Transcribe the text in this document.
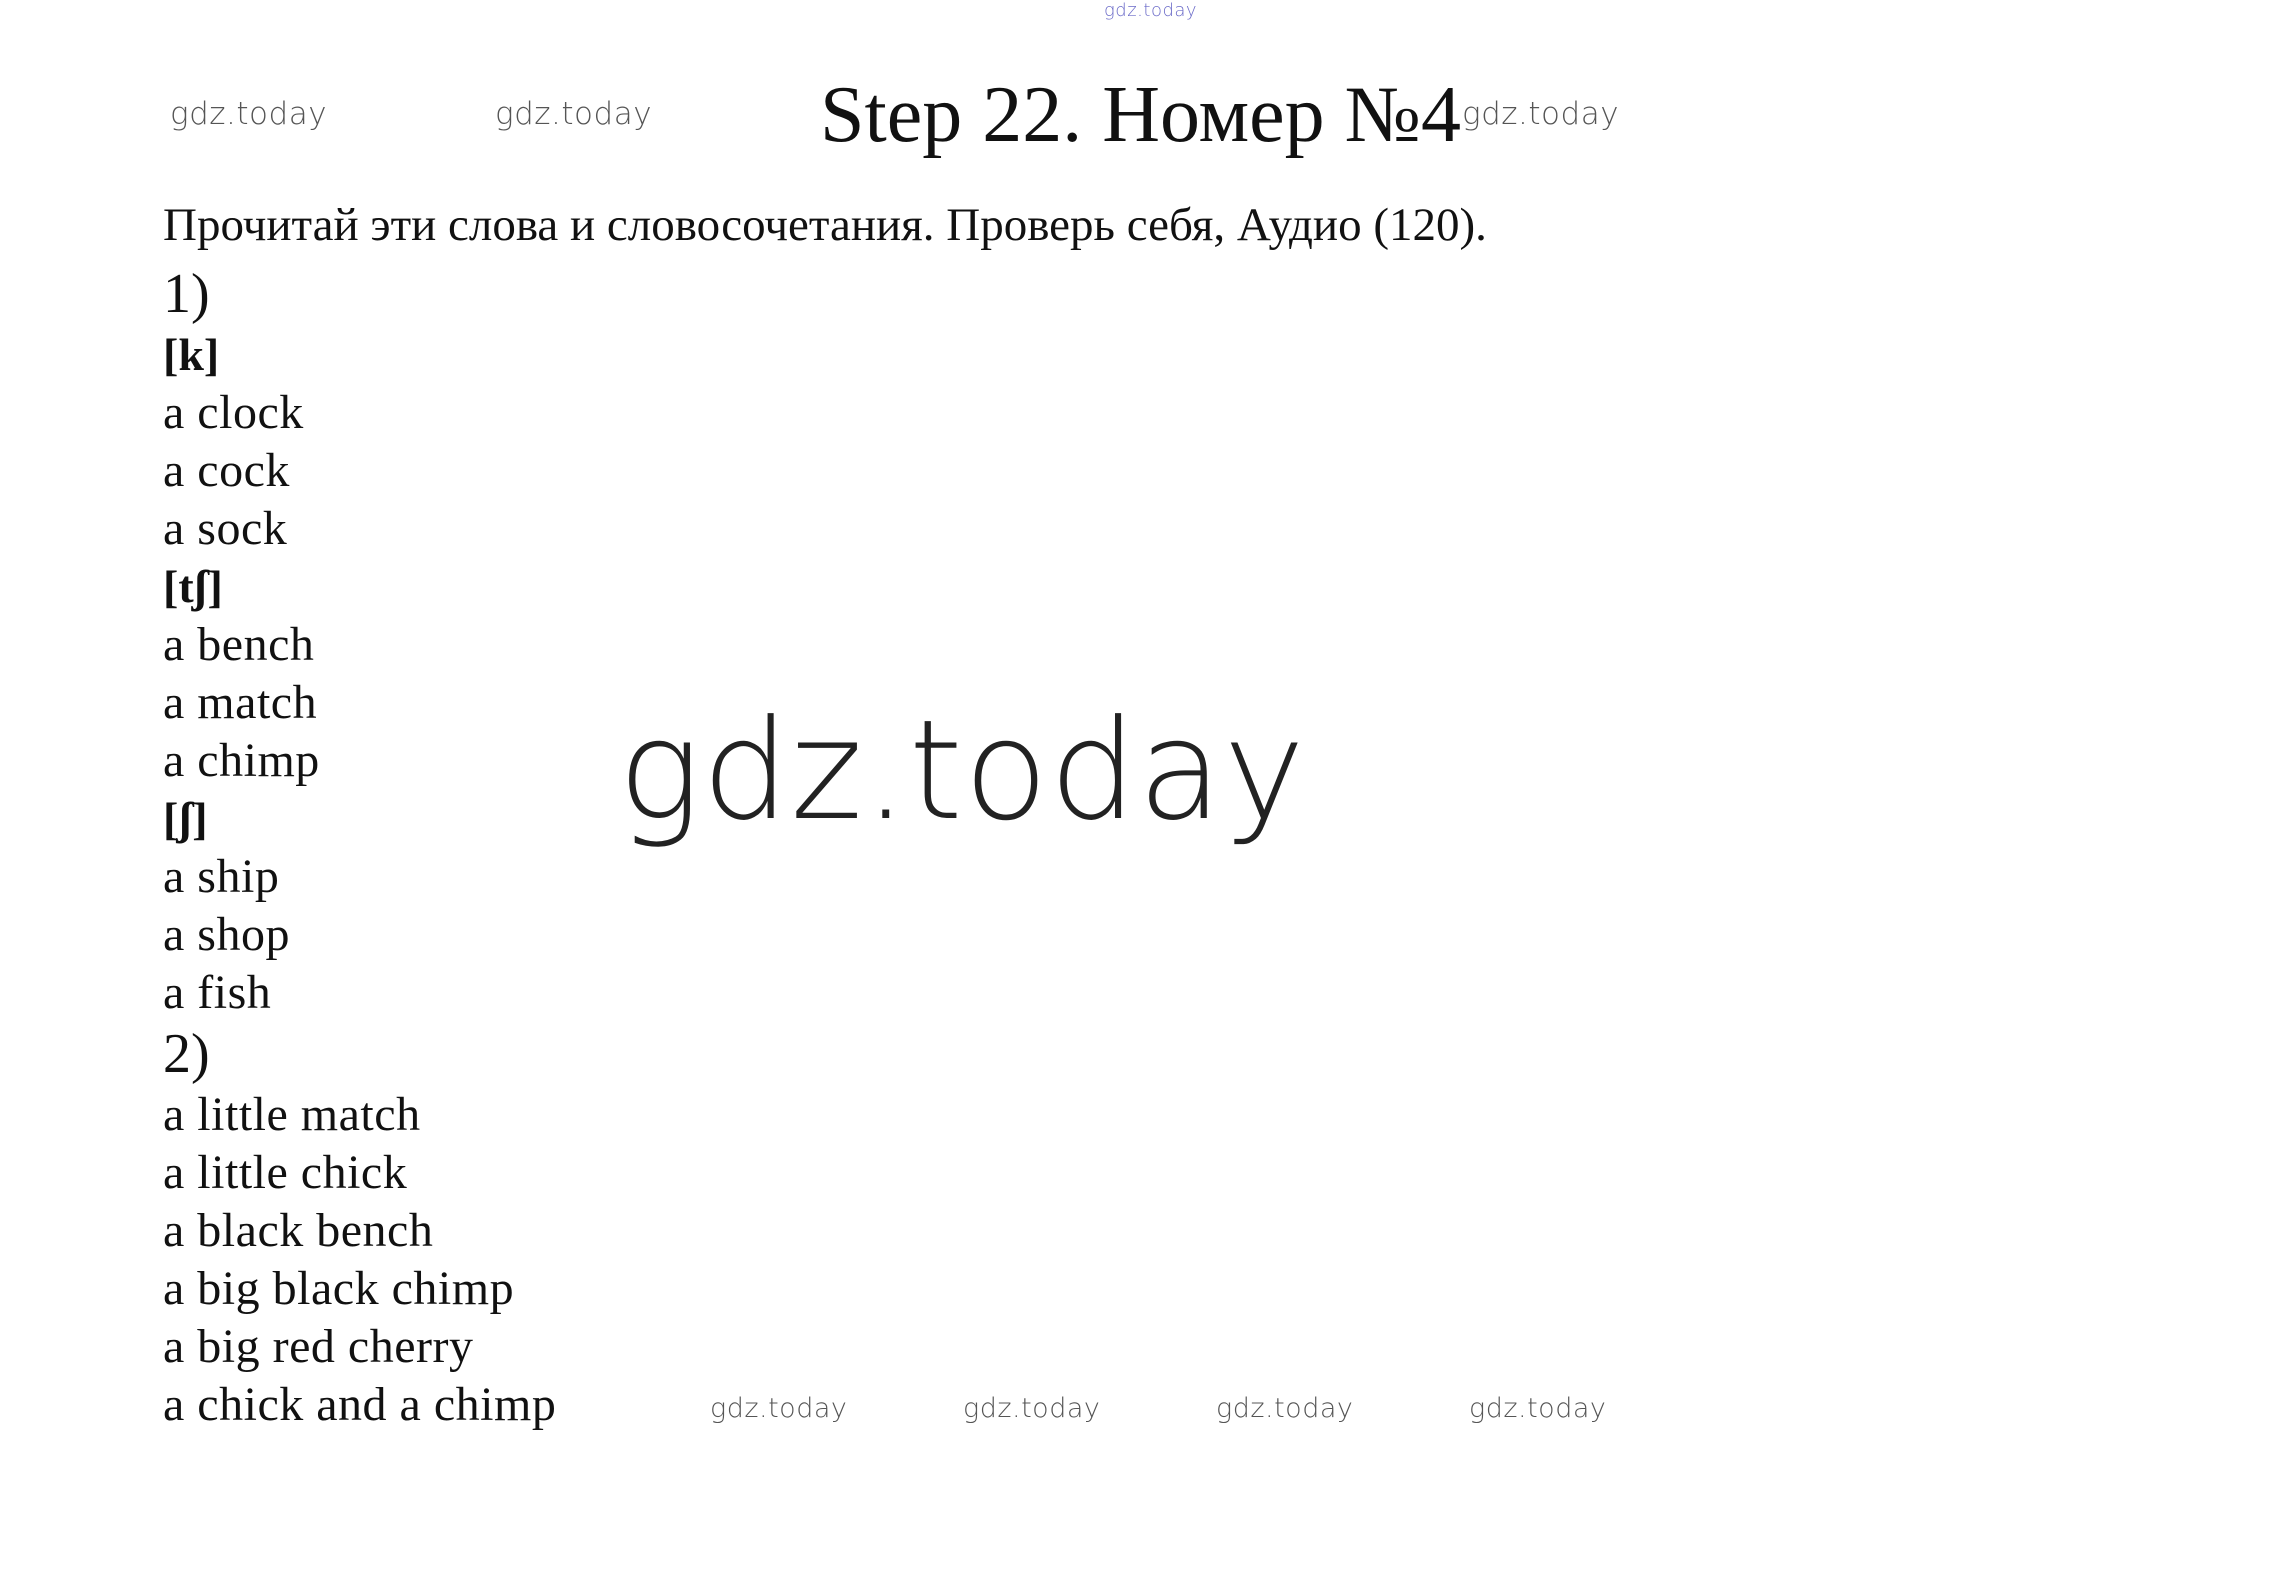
gdz.today
gdz.today	gdz.today Step 22. Номер №4 gdz.today
Прочитай эти слова и словосочетания. Проверь себя, Аудио (120).
1)
[k]
a clock
a cock
a sock
[tʃ]
a bench
a match
a chimp
[ʃ]
a ship
a shop
a fish
2)
a little match
a little chick
a black bench
a big black chimp
a big red cherry
a chick and a chimp
gdz.today
gdz.today	gdz.today	gdz.today	gdz.today
